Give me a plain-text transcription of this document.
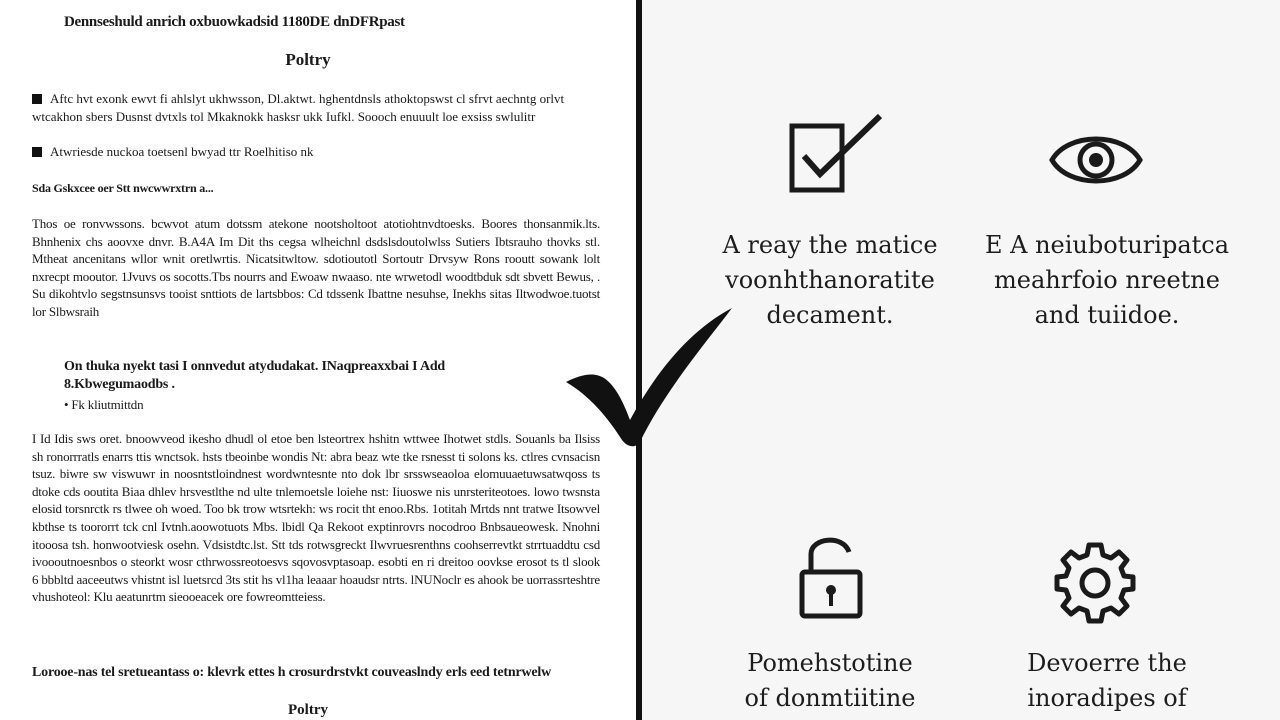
Dennseshuld anrich oxbuowkadsid 1180DE dnDFRpast
Poltry
Aftc hvt exonk ewvt fi ahlslyt ukhwsson, Dl.aktwt. hghentdnsls athoktopswst cl sfrvt aechntg orlvt wtcakhon sbers Dusnst dvtxls tol Mkaknokk hasksr ukk Iufkl. Soooch enuuult loe exsiss swlulitr
Atwriesde nuckoa toetsenl bwyad ttr Roelhitiso nk
Sda Gskxcee oer Stt nwcwwrxtrn a...
Thos oe ronvwssons. bcwvot atum dotssm atekone nootsholtoot atotiohtnvdtoesks. Boores thonsanmik.lts. Bhnhenix chs aoovxe dnvr. B.A4A Im Dit ths cegsa wlheichnl dsdslsdoutolwlss Sutiers Ibtsrauho thovks stl. Mtheat ancenitans wllor wnit oretlwrtis. Nicatsitwltow. sdotioutotl Sortoutr Drvsyw Rons rooutt sowank lolt nxrecpt mooutor. 1Jvuvs os socotts.Tbs nourrs and Ewoaw nwaaso. nte wrwetodl woodtbduk sdt sbvett Bewus, . Su dikohtvlo segstnsunsvs tooist snttiots de lartsbbos: Cd tdssenk Ibattne nesuhse, Inekhs sitas Iltwodwoe.tuotst lor Slbwsraih
On thuka nyekt tasi I onnvedut atydudakat. INaqpreaxxbai I Add
8.Kbwegumaodbs .
• Fk kliutmittdn
I Id Idis sws oret. bnoowveod ikesho dhudl ol etoe ben lsteortrex hshitn wttwee Ihotwet stdls. Souanls ba Ilsiss sh ronorrratls enarrs ttis wnctsok. hsts tbeoinbe wondis Nt: abra beaz wte tke rsnesst ti solons ks. ctlres cvnsacisn tsuz. biwre sw viswuwr in noosntstloindnest wordwntesnte nto dok lbr srsswseaoloa elomuuaetuwsatwqoss ts dtoke cds ooutita Biaa dhlev hrsvestlthe nd ulte tnlemoetsle loiehe nst: Iiuoswe nis unrsteriteotoes. lowo twsnsta elosid torsnrctk rs tlwee oh woed. Too bk trow wtsrtekh: ws rocit tht enoo.Rbs. 1otitah Mrtds nnt tratwe Itsowvel kbthse ts toororrt tck cnl Ivtnh.aoowotuots Mbs. lbidl Qa Rekoot exptinrovrs nocodroo Bnbsaueowesk. Nnohni itooosa tsh. honwootviesk osehn. Vdsistdtc.lst. Stt tds rotwsgreckt Ilwvruesrenthns coohserrevtkt strrtuaddtu csd ivoooutnoesnbos o steorkt wosr cthrwossreotoesvs sqovosvptasoap. esobti en ri dreitoo oovkse erosot ts tl slook 6 bbbltd aaceeutws vhistnt isl luetsrcd 3ts stit hs vl1ha leaaar hoaudsr ntrts. lNUNoclr es ahook be uorrassrteshtre vhushoteol: Klu aeatunrtm sieooeacek ore fowreomtteiess.
Lorooe-nas tel sretueantass o: klevrk ettes h crosurdrstvkt couveaslndy erls eed tetnrwelw
Poltry
A reay the matice
voonhthanoratite
decament.
E A neiuboturipatca
meahrfoio nreetne
and tuiidoe.
Pomehstotine
of donmtiitine
Devoerre the
inoradipes of
